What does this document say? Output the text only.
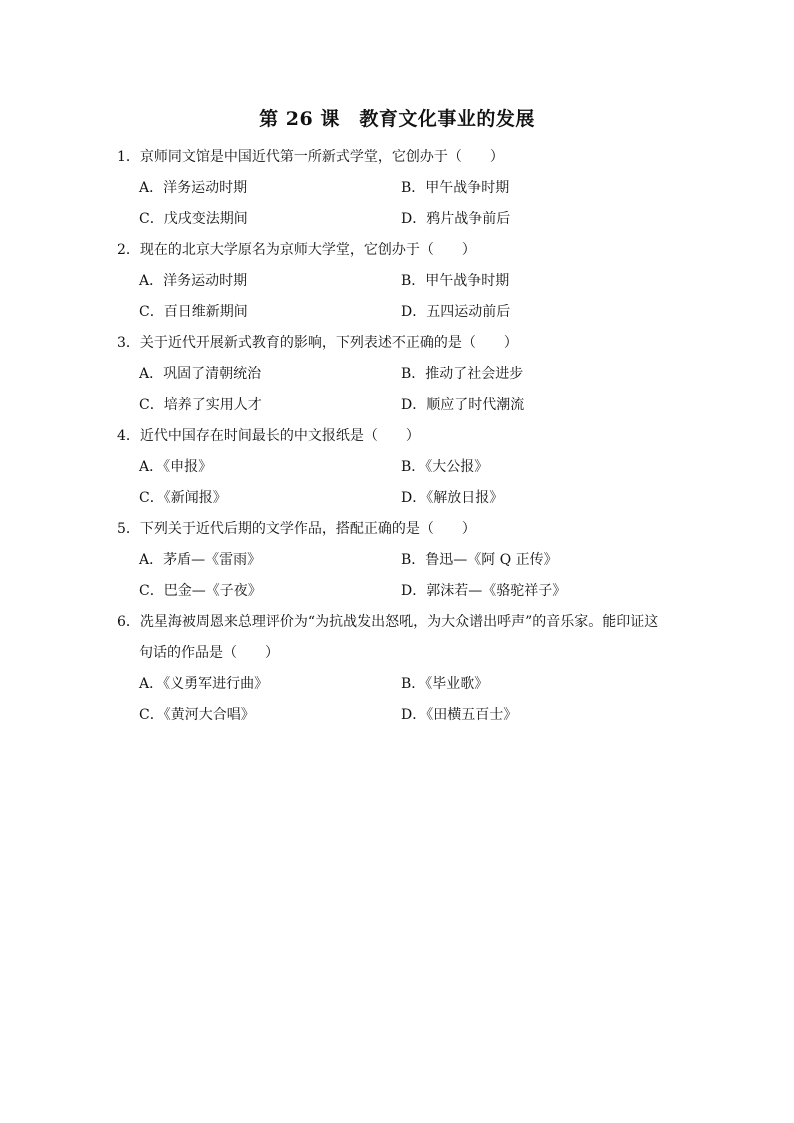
第 26 课　教育文化事业的发展
1．京师同文馆是中国近代第一所新式学堂，它创办于（　　）
A．洋务运动时期	B．甲午战争时期
C．戊戌变法期间	D．鸦片战争前后
2．现在的北京大学原名为京师大学堂，它创办于（　　）
A．洋务运动时期	B．甲午战争时期
C．百日维新期间	D．五四运动前后
3．关于近代开展新式教育的影响，下列表述不正确的是（　　）
A．巩固了清朝统治	B．推动了社会进步
C．培养了实用人才	D．顺应了时代潮流
4．近代中国存在时间最长的中文报纸是（　　）
A．《申报》	B．《大公报》
C．《新闻报》	D．《解放日报》
5．下列关于近代后期的文学作品，搭配正确的是（　　）
A．茅盾—《雷雨》	B．鲁迅—《阿 Q 正传》
C．巴金—《子夜》	D．郭沫若—《骆驼祥子》
6．冼星海被周恩来总理评价为“为抗战发出怒吼，为大众谱出呼声”的音乐家。能印证这
句话的作品是（　　）
A．《义勇军进行曲》	B．《毕业歌》
C．《黄河大合唱》	D．《田横五百士》
